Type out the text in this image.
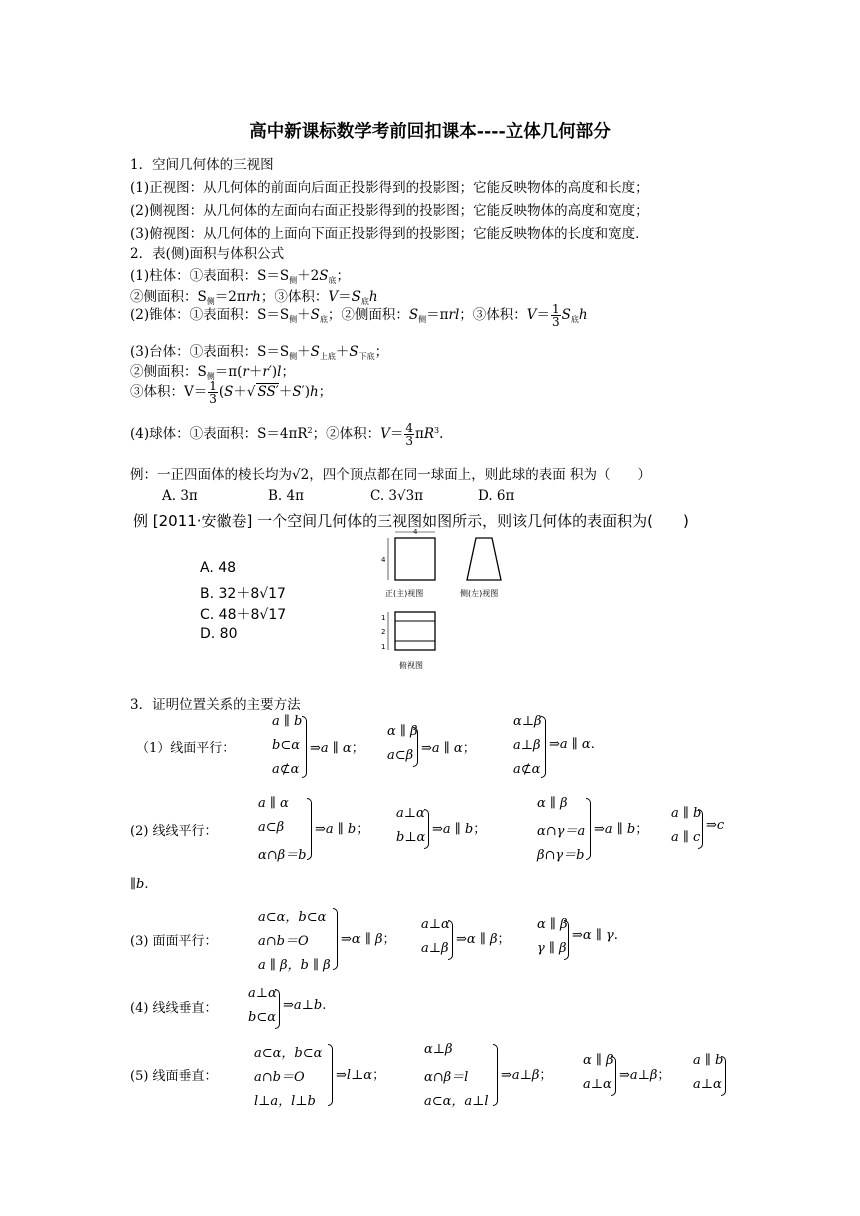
高中新课标数学考前回扣课本----立体几何部分
1．空间几何体的三视图
(1)正视图：从几何体的前面向后面正投影得到的投影图；它能反映物体的高度和长度；
(2)侧视图：从几何体的左面向右面正投影得到的投影图；它能反映物体的高度和宽度；
(3)俯视图：从几何体的上面向下面正投影得到的投影图；它能反映物体的长度和宽度．
2．表(侧)面积与体积公式
(1)柱体：①表面积：$S=S_侧+2S_底$；
②侧面积：$S_侧=2\pi rh$；③体积：$V=S_底h$
(2)锥体：①表面积：$S=S_侧+S_底$；②侧面积：$S_侧=\pi rl$；③体积：$V= \frac{1}{3} S_底h$
(3)台体：①表面积：$S=S_侧+S_{上底}+S_{下底}$；
②侧面积：$S_侧=\pi(r+r')l$；
③体积：$V= \frac{1}{3} (S+√$ SS′＋S′)h；
(4)球体：①表面积：$S=4\pi R^2$；②体积：$V= \frac{4}{3} \pi R^3$.
例：一正四面体的棱长均为√2，四个顶点都在同一球面上，则此球的表面 积为（　　）
A. 3π	B. 4π	C. 3√3π	D. 6π
例 [2011·安徽卷] 一个空间几何体的三视图如图所示，则该几何体的表面积为(　　)
A. 48
B. 32＋8√17
C. 48＋8√17
D. 80
4
4
正(主)视图	侧(左)视图
1
2
1
俯视图
3．证明位置关系的主要方法
（1）线面平行：
a ∥ b
b⊂α
a⊄α
⇒a ∥ α；
α ∥ β
a⊂β ⇒a ∥ α；
α⊥β
a⊥β
a⊄α
⇒a ∥ α.
(2) 线线平行：
a ∥ α
a⊂β
α∩β＝b
⇒a ∥ b；
a⊥α
b⊥α
⇒a ∥ b；
α ∥ β
α∩γ＝a
β∩γ＝b
⇒a ∥ b；
a ∥ b
a ∥ c
⇒c
∥b.
(3) 面面平行：
a⊂α，b⊂α
a∩b＝O
a ∥ β，b ∥ β
⇒α ∥ β；
a⊥α
a⊥β
⇒α ∥ β；
α ∥ β
γ ∥ β
⇒α ∥ γ.
(4) 线线垂直：
a⊥α
b⊂α
⇒a⊥b.
(5) 线面垂直：
a⊂α，b⊂α
a∩b＝O
l⊥a，l⊥b
⇒l⊥α；
α⊥β
α∩β＝l
a⊂α，a⊥l
⇒a⊥β；
α ∥ β
a⊥α
⇒a⊥β；
a ∥ b
a⊥α
